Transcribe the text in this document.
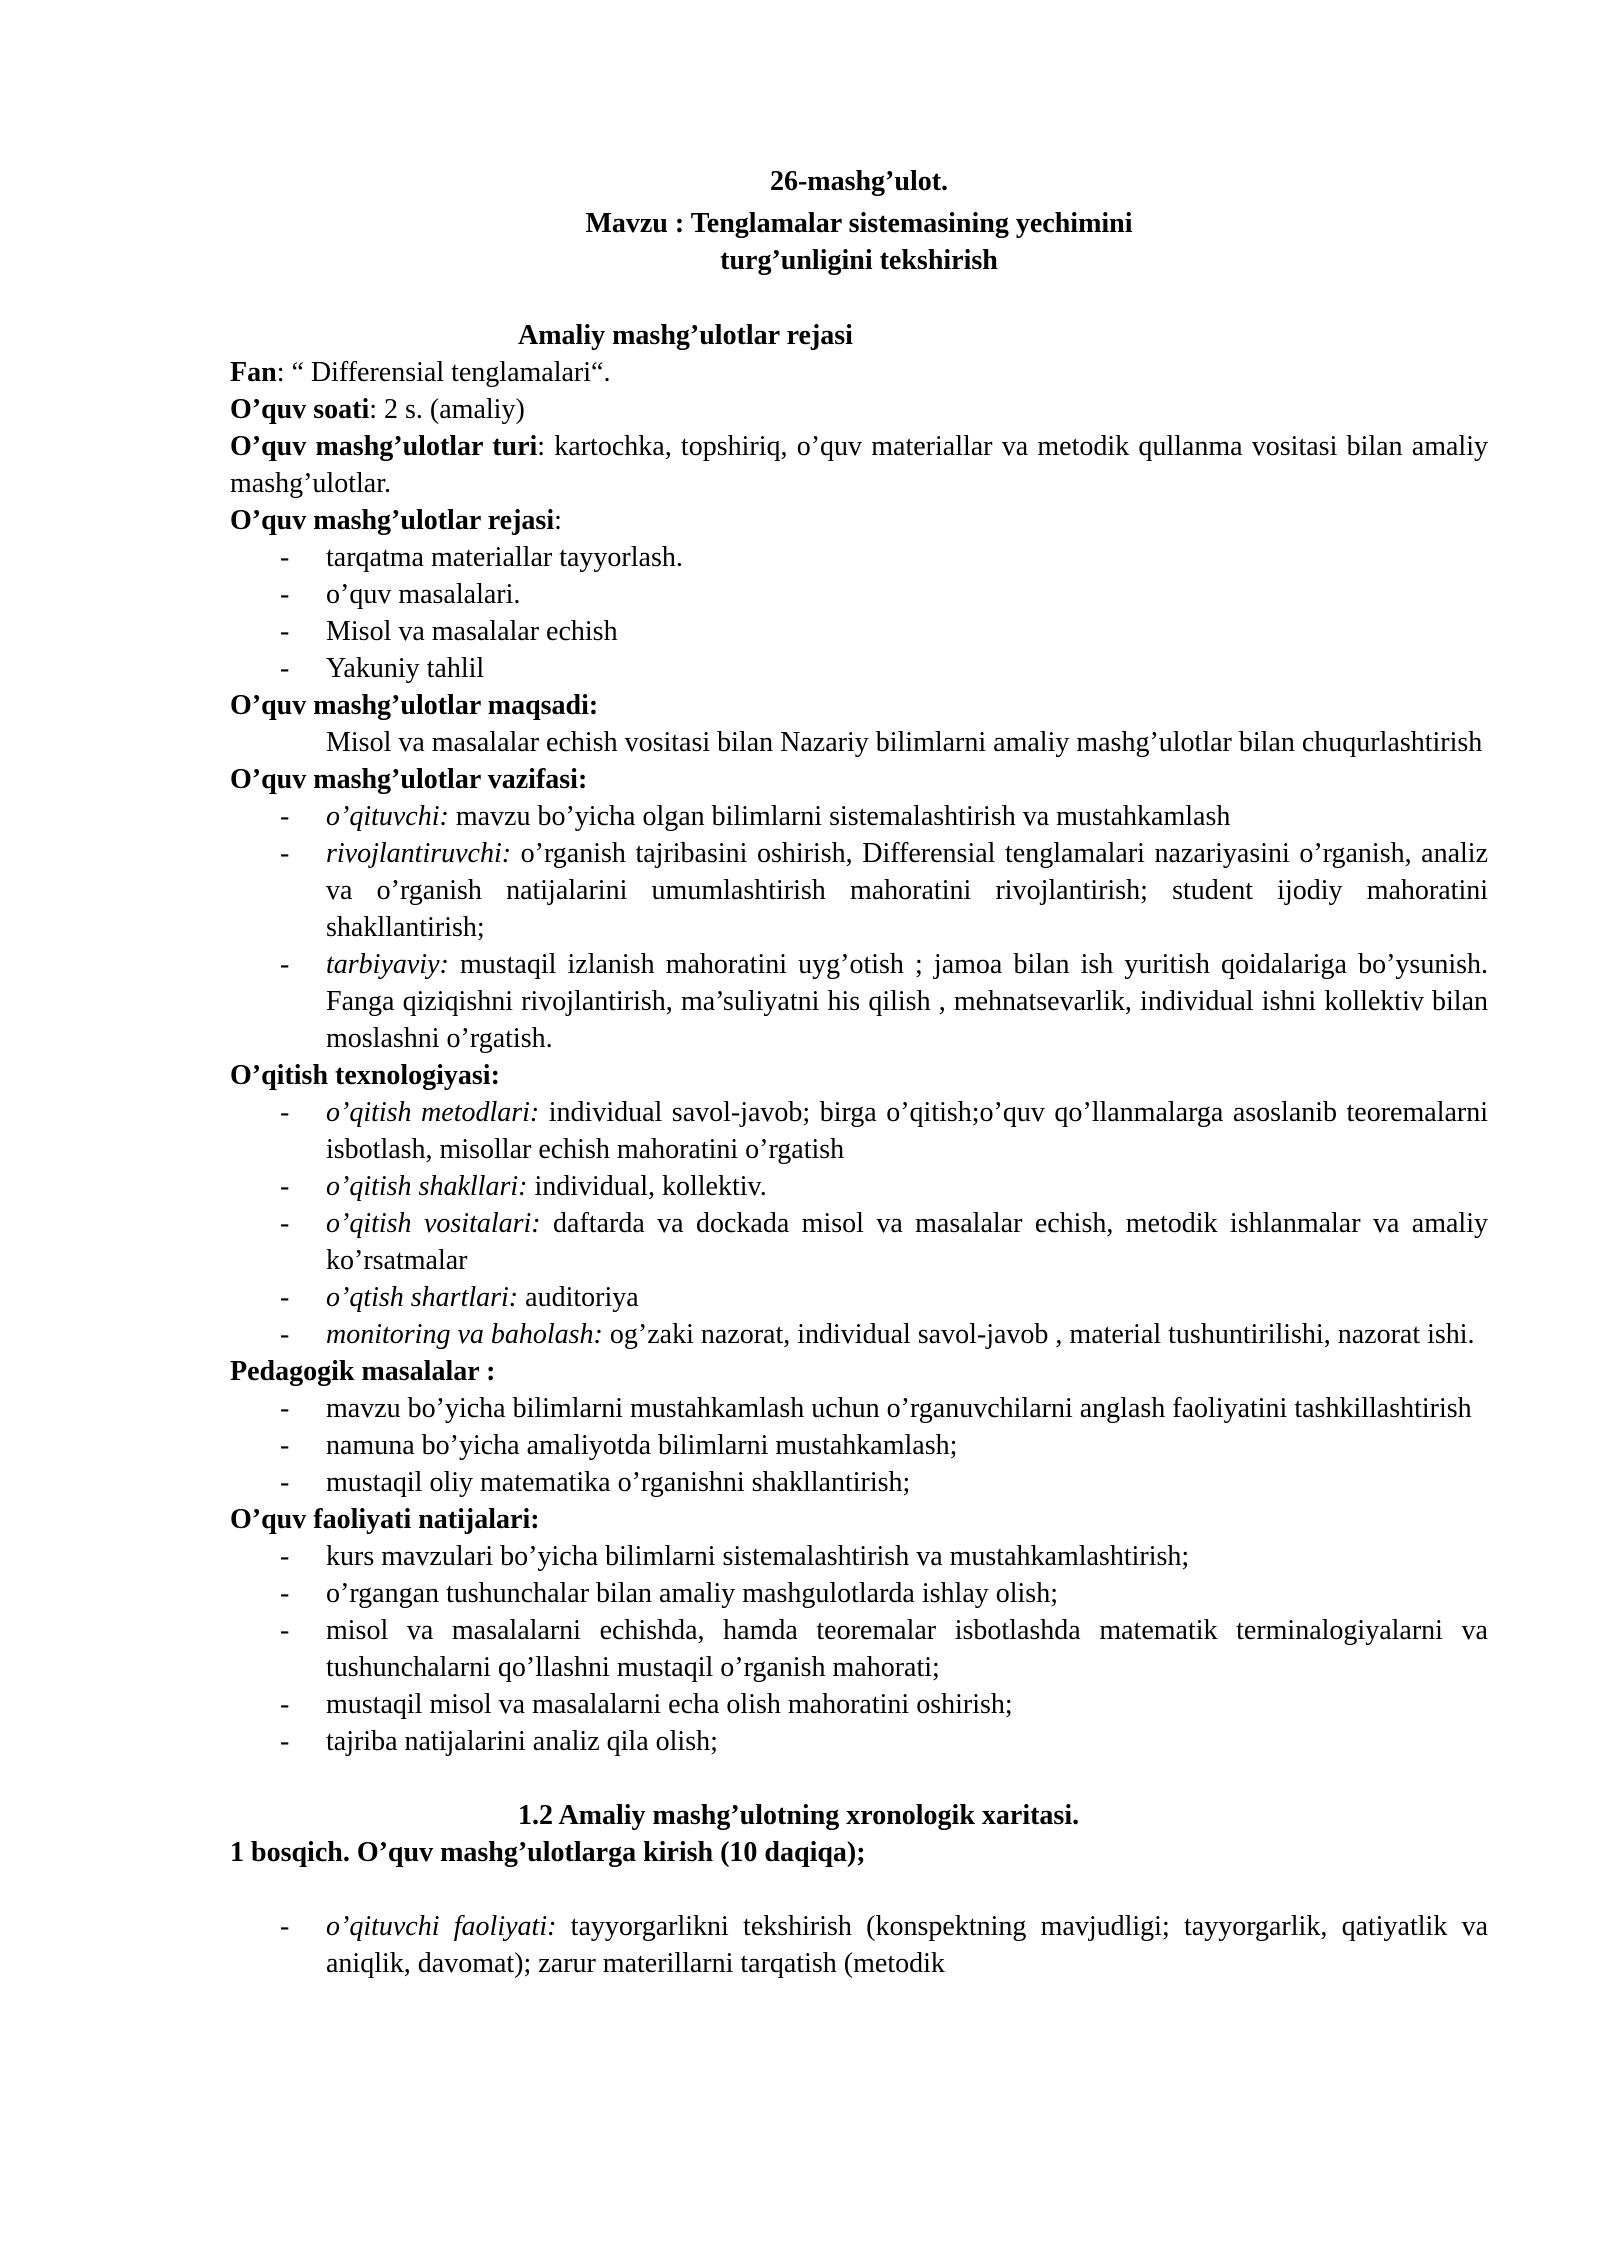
26-mashg’ulot.

Mavzu : Tenglamalar sistemasining yechimini

turg’unligini tekshirish

Amaliy mashg’ulotlar rejasi

Fan: “ Differensial tenglamalari“.

O’quv soati: 2 s. (amaliy)

O’quv mashg’ulotlar turi: kartochka, topshiriq, o’quv materiallar va metodik qullanma vositasi bilan amaliy mashg’ulotlar.

O’quv mashg’ulotlar rejasi:

- tarqatma materiallar tayyorlash.
- o’quv masalalari.
- Misol va masalalar echish
- Yakuniy tahlil

O’quv mashg’ulotlar maqsadi:

Misol va masalalar echish vositasi bilan Nazariy bilimlarni amaliy mashg’ulotlar bilan chuqurlashtirish

O’quv mashg’ulotlar vazifasi:

- o’qituvchi: mavzu bo’yicha olgan bilimlarni sistemalashtirish va mustahkamlash
- rivojlantiruvchi: o’rganish tajribasini oshirish, Differensial tenglamalari nazariyasini o’rganish, analiz va o’rganish natijalarini umumlashtirish mahoratini rivojlantirish; student ijodiy mahoratini shakllantirish;
- tarbiyaviy: mustaqil izlanish mahoratini uyg’otish ; jamoa bilan ish yuritish qoidalariga bo’ysunish. Fanga qiziqishni rivojlantirish, ma’suliyatni his qilish , mehnatsevarlik, individual ishni kollektiv bilan moslashni o’rgatish.

O’qitish texnologiyasi:

- o’qitish metodlari: individual savol-javob; birga o’qitish;o’quv qo’llanmalarga asoslanib teoremalarni isbotlash, misollar echish mahoratini o’rgatish
- o’qitish shakllari: individual, kollektiv.
- o’qitish vositalari: daftarda va dockada misol va masalalar echish, metodik ishlanmalar va amaliy ko’rsatmalar
- o’qtish shartlari: auditoriya
- monitoring va baholash: og’zaki nazorat, individual savol-javob , material tushuntirilishi, nazorat ishi.

Pedagogik masalalar :

- mavzu bo’yicha bilimlarni mustahkamlash uchun o’rganuvchilarni anglash faoliyatini tashkillashtirish
- namuna bo’yicha amaliyotda bilimlarni mustahkamlash;
- mustaqil oliy matematika o’rganishni shakllantirish;

O’quv faoliyati natijalari:

- kurs mavzulari bo’yicha bilimlarni sistemalashtirish va mustahkamlashtirish;
- o’rgangan tushunchalar bilan amaliy mashgulotlarda ishlay olish;
- misol va masalalarni echishda, hamda teoremalar isbotlashda matematik terminalogiyalarni va tushunchalarni qo’llashni mustaqil o’rganish mahorati;
- mustaqil misol va masalalarni echa olish mahoratini oshirish;
- tajriba natijalarini analiz qila olish;

1.2 Amaliy mashg’ulotning xronologik xaritasi.

1 bosqich. O’quv mashg’ulotlarga kirish (10 daqiqa);

- o’qituvchi faoliyati: tayyorgarlikni tekshirish (konspektning mavjudligi; tayyorgarlik, qatiyatlik va aniqlik, davomat); zarur materillarni tarqatish (metodik
